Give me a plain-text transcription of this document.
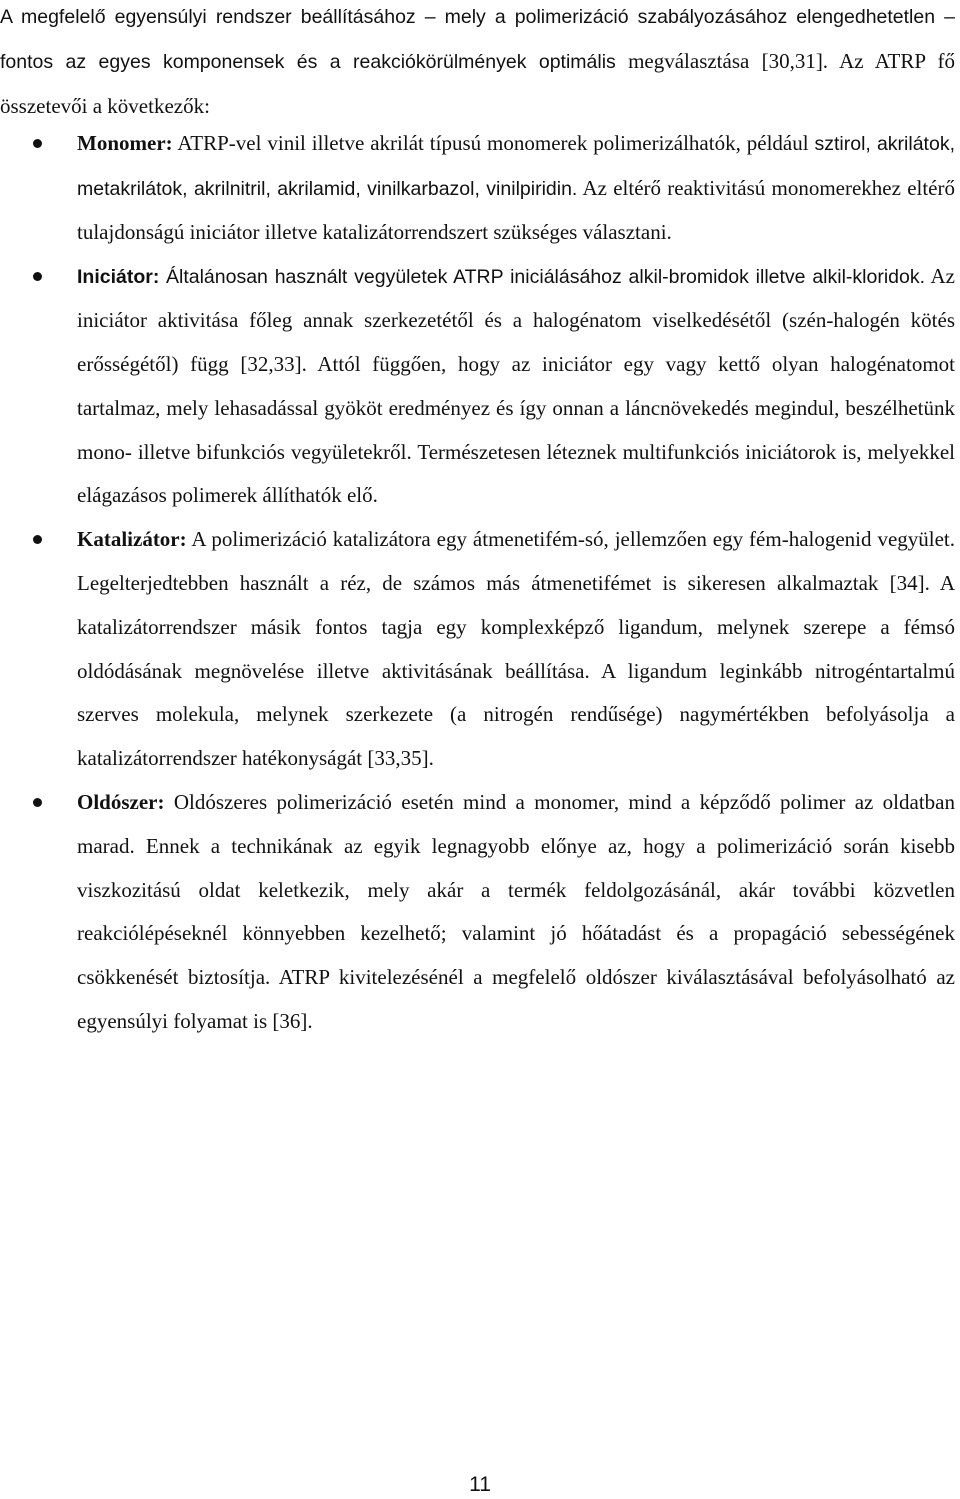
A megfelelő egyensúlyi rendszer beállításához – mely a polimerizáció szabályozásához elengedhetetlen – fontos az egyes komponensek és a reakciókörülmények optimális megválasztása [30,31]. Az ATRP fő összetevői a következők:
Monomer: ATRP-vel vinil illetve akrilát típusú monomerek polimerizálhatók, például sztirol, akrilátok, metakrilátok, akrilnitril, akrilamid, vinilkarbazol, vinilpiridin. Az eltérő reaktivitású monomerekhez eltérő tulajdonságú iniciátor illetve katalizátorrendszert szükséges választani.
Iniciátor: Általánosan használt vegyületek ATRP iniciálásához alkil-bromidok illetve alkil-kloridok. Az iniciátor aktivitása főleg annak szerkezetétől és a halogénatom viselkedésétől (szén-halogén kötés erősségétől) függ [32,33]. Attól függően, hogy az iniciátor egy vagy kettő olyan halogénatomot tartalmaz, mely lehasadással gyököt eredményez és így onnan a láncnövekedés megindul, beszélhetünk mono- illetve bifunkciós vegyületekről. Természetesen léteznek multifunkciós iniciátorok is, melyekkel elágazásos polimerek állíthatók elő.
Katalizátor: A polimerizáció katalizátora egy átmenetifém-só, jellemzően egy fém-halogenid vegyület. Legelterjedtebben használt a réz, de számos más átmenetifémet is sikeresen alkalmaztak [34]. A katalizátorrendszer másik fontos tagja egy komplexképző ligandum, melynek szerepe a fémsó oldódásának megnövelése illetve aktivitásának beállítása. A ligandum leginkább nitrogéntartalmú szerves molekula, melynek szerkezete (a nitrogén rendűsége) nagymértékben befolyásolja a katalizátorrendszer hatékonyságát [33,35].
Oldószer: Oldószeres polimerizáció esetén mind a monomer, mind a képződő polimer az oldatban marad. Ennek a technikának az egyik legnagyobb előnye az, hogy a polimerizáció során kisebb viszkozitású oldat keletkezik, mely akár a termék feldolgozásánál, akár további közvetlen reakciólépéseknél könnyebben kezelhető; valamint jó hőátadást és a propagáció sebességének csökkenését biztosítja. ATRP kivitelezésénél a megfelelő oldószer kiválasztásával befolyásolható az egyensúlyi folyamat is [36].
11
